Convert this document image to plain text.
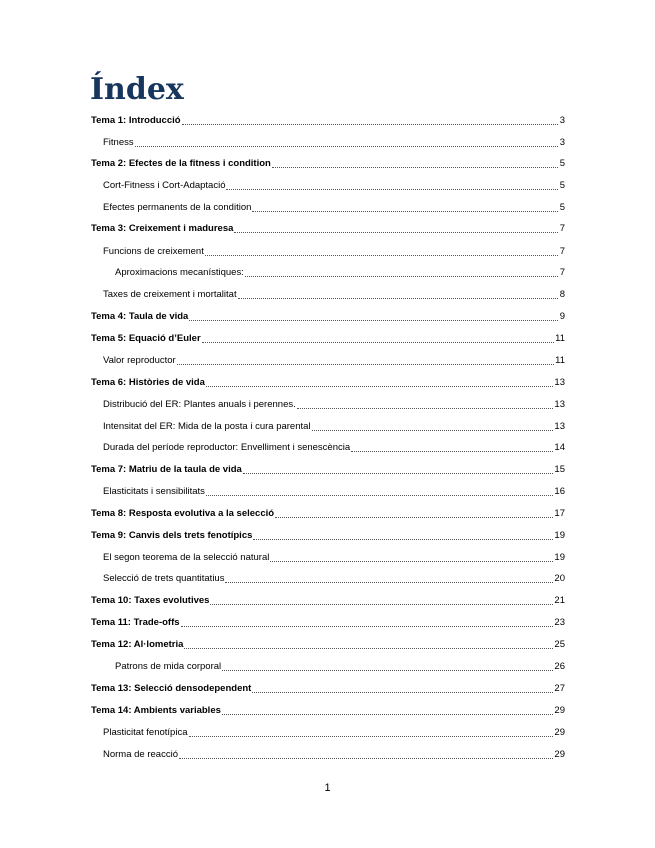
Índex
Tema 1: Introducció	3
Fitness	3
Tema 2: Efectes de la fitness i condition	5
Cort-Fitness i Cort-Adaptació	5
Efectes permanents de la condition	5
Tema 3: Creixement i maduresa	7
Funcions de creixement	7
Aproximacions mecanístiques:	7
Taxes de creixement i mortalitat	8
Tema 4: Taula de vida	9
Tema 5: Equació d’Euler	11
Valor reproductor	11
Tema 6: Històries de vida	13
Distribució del ER: Plantes anuals i perennes.	13
Intensitat del ER: Mida de la posta i cura parental	13
Durada del període reproductor: Envelliment i senescència	14
Tema 7: Matriu de la taula de vida	15
Elasticitats i sensibilitats	16
Tema 8: Resposta evolutiva a la selecció	17
Tema 9: Canvis dels trets fenotípics	19
El segon teorema de la selecció natural	19
Selecció de trets quantitatius	20
Tema 10: Taxes evolutives	21
Tema 11: Trade-offs	23
Tema 12: Al·lometria	25
Patrons de mida corporal	26
Tema 13: Selecció densodependent	27
Tema 14: Ambients variables	29
Plasticitat fenotípica	29
Norma de reacció	29
1
